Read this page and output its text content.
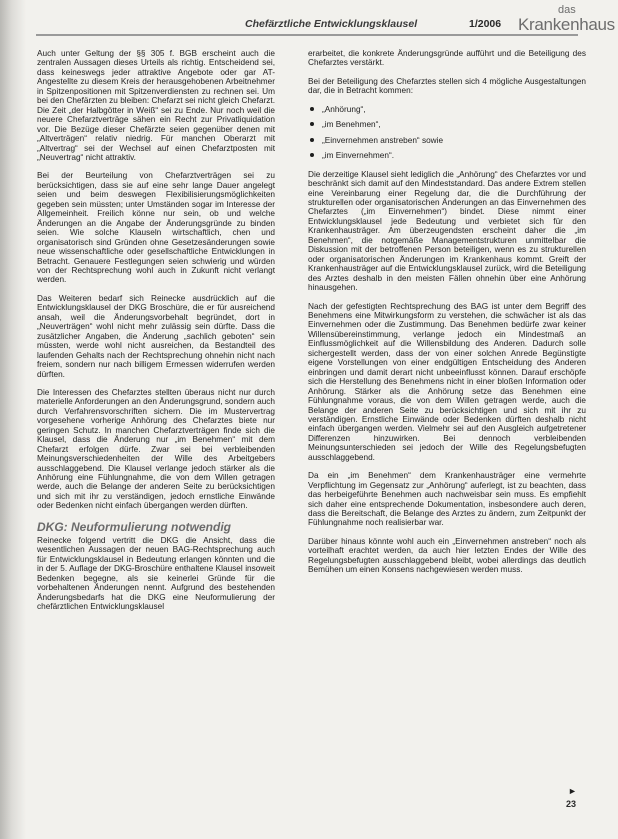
Chefärztliche Entwicklungsklausel	1/2006
das
Krankenhaus

Auch unter Geltung der §§ 305 f. BGB erscheint auch die zentralen Aussagen dieses Urteils als richtig. Entscheidend sei, dass keineswegs jeder attraktive Angebote oder gar AT-Angestellte zu diesem Kreis der herausgehobenen Arbeitnehmer in Spitzenpositionen mit Spitzenverdiensten zu rechnen sei. Um bei den Chefärzten zu bleiben: Chefarzt sei nicht gleich Chefarzt. Die Zeit „der Halbgötter in Weiß“ sei zu Ende. Nur noch weil die neuere Chefarztverträge sähen ein Recht zur Privatliquidation vor. Die Bezüge dieser Chefärzte seien gegenüber denen mit „Altverträgen“ relativ niedrig. Für manchen Oberarzt mit „Altvertrag“ sei der Wechsel auf einen Chefarztposten mit „Neuvertrag“ nicht attraktiv.

Bei der Beurteilung von Chefarztverträgen sei zu berücksichtigen, dass sie auf eine sehr lange Dauer angelegt seien und beim deswegen Flexibilisierungsmöglichkeiten gegeben sein müssten; unter Umständen sogar im Interesse der Allgemeinheit. Freilich könne nur sein, ob und welche Änderungen an die Angabe der Änderungsgründe zu binden seien. Wie solche Klauseln wirtschaftlich, chen und organisatorisch sind Gründen ohne Gesetzesänderungen sowie neue wissenschaftliche oder gesellschaftliche Entwicklungen in Betracht. Genauere Festlegungen seien schwierig und würden von der Rechtsprechung wohl auch in Zukunft nicht verlangt werden.

Das Weiteren bedarf sich Reinecke ausdrücklich auf die Entwicklungsklausel der DKG Broschüre, die er für ausreichend ansah, weil die Änderungsvorbehalt begründet, dort in „Neuverträgen“ wohl nicht mehr zulässig sein dürfte. Dass die zusätzlicher Angaben, die Änderung „sachlich geboten“ sein müssten, werde wohl nicht ausreichen, da Bestandteil des laufenden Gehalts nach der Rechtsprechung ohnehin nicht nach freiem, sondern nur nach billigem Ermessen widerrufen werden dürften.

Die Interessen des Chefarztes stellten überaus nicht nur durch materielle Anforderungen an den Änderungsgrund, sondern auch durch Verfahrensvorschriften sichern. Die im Mustervertrag vorgesehene vorherige Anhörung des Chefarztes biete nur geringen Schutz. In manchen Chefarztverträgen finde sich die Klausel, dass die Änderung nur „im Benehmen“ mit dem Chefarzt erfolgen dürfe. Zwar sei bei verbleibenden Meinungsverschiedenheiten der Wille des Arbeitgebers ausschlaggebend. Die Klausel verlange jedoch stärker als die Anhörung eine Fühlungnahme, die von dem Willen getragen werde, auch die Belange der anderen Seite zu berücksichtigen und sich mit ihr zu verständigen, jedoch ernstliche Einwände oder Bedenken nicht einfach übergangen werden dürften.

DKG: Neuformulierung notwendig

Reinecke folgend vertritt die DKG die Ansicht, dass die wesentlichen Aussagen der neuen BAG-Rechtsprechung auch für Entwicklungsklausel in Bedeutung erlangen könnten und die in der 5. Auflage der DKG-Broschüre enthaltene Klausel insoweit Bedenken begegne, als sie keinerlei Gründe für die vorbehaltenen Änderungen nennt. Aufgrund des bestehenden Änderungsbedarfs hat die DKG eine Neuformulierung der chefärztlichen Entwicklungsklausel

erarbeitet, die konkrete Änderungsgründe aufführt und die Beteiligung des Chefarztes verstärkt.

Bei der Beteiligung des Chefarztes stellen sich 4 mögliche Ausgestaltungen dar, die in Betracht kommen:

„Anhörung“,
„im Benehmen“,
„Einvernehmen anstreben“ sowie
„im Einvernehmen“.

Die derzeitige Klausel sieht lediglich die „Anhörung“ des Chefarztes vor und beschränkt sich damit auf den Mindeststandard. Das andere Extrem stellen eine Vereinbarung einer Regelung dar, die die Durchführung der strukturellen oder organisatorischen Änderungen an das Einvernehmen des Chefarztes („im Einvernehmen“) bindet. Diese nimmt einer Entwicklungsklausel jede Bedeutung und verbietet sich für den Krankenhausträger. Am überzeugendsten erscheint daher die „im Benehmen“, die notgemäße Managementstrukturen unmittelbar die Diskussion mit der betroffenen Person beteiligen, wenn es zu strukturellen oder organisatorischen Änderungen im Krankenhaus kommt. Greift der Krankenhausträger auf die Entwicklungsklausel zurück, wird die Beteiligung des Arztes deshalb in den meisten Fällen ohnehin über eine Anhörung hinausgehen.

Nach der gefestigten Rechtsprechung des BAG ist unter dem Begriff des Benehmens eine Mitwirkungsform zu verstehen, die schwächer ist als das Einvernehmen oder die Zustimmung. Das Benehmen bedürfe zwar keiner Willensübereinstimmung, verlange jedoch ein Mindestmaß an Einflussmöglichkeit auf die Willensbildung des Anderen. Dadurch solle sichergestellt werden, dass der von einer solchen Anrede Begünstigte eigene Vorstellungen von einer endgültigen Entscheidung des Anderen einbringen und damit derart nicht unbeeinflusst können. Darauf erschöpfe sich die Herstellung des Benehmens nicht in einer bloßen Information oder Anhörung. Stärker als die Anhörung setze das Benehmen eine Fühlungnahme voraus, die von dem Willen getragen werde, auch die Belange der anderen Seite zu berücksichtigen und sich mit ihr zu verständigen. Ernstliche Einwände oder Bedenken dürften deshalb nicht einfach übergangen werden. Vielmehr sei auf den Ausgleich aufgetretener Differenzen hinzuwirken. Bei dennoch verbleibenden Meinungsunterschieden sei jedoch der Wille des Regelungsbefugten ausschlaggebend.

Da ein „im Benehmen“ dem Krankenhausträger eine vermehrte Verpflichtung im Gegensatz zur „Anhörung“ auferlegt, ist zu beachten, dass das herbeigeführte Benehmen auch nachweisbar sein muss. Es empfiehlt sich daher eine entsprechende Dokumentation, insbesondere auch deren, dass die Bereitschaft, die Belange des Arztes zu ändern, zum Zeitpunkt der Fühlungnahme noch realisierbar war.

Darüber hinaus könnte wohl auch ein „Einvernehmen anstreben“ noch als vorteilhaft erachtet werden, da auch hier letzten Endes der Wille des Regelungsbefugten ausschlaggebend bleibt, wobei allerdings das deutlich Bemühen um einen Konsens nachgewiesen werden muss.

►
23
